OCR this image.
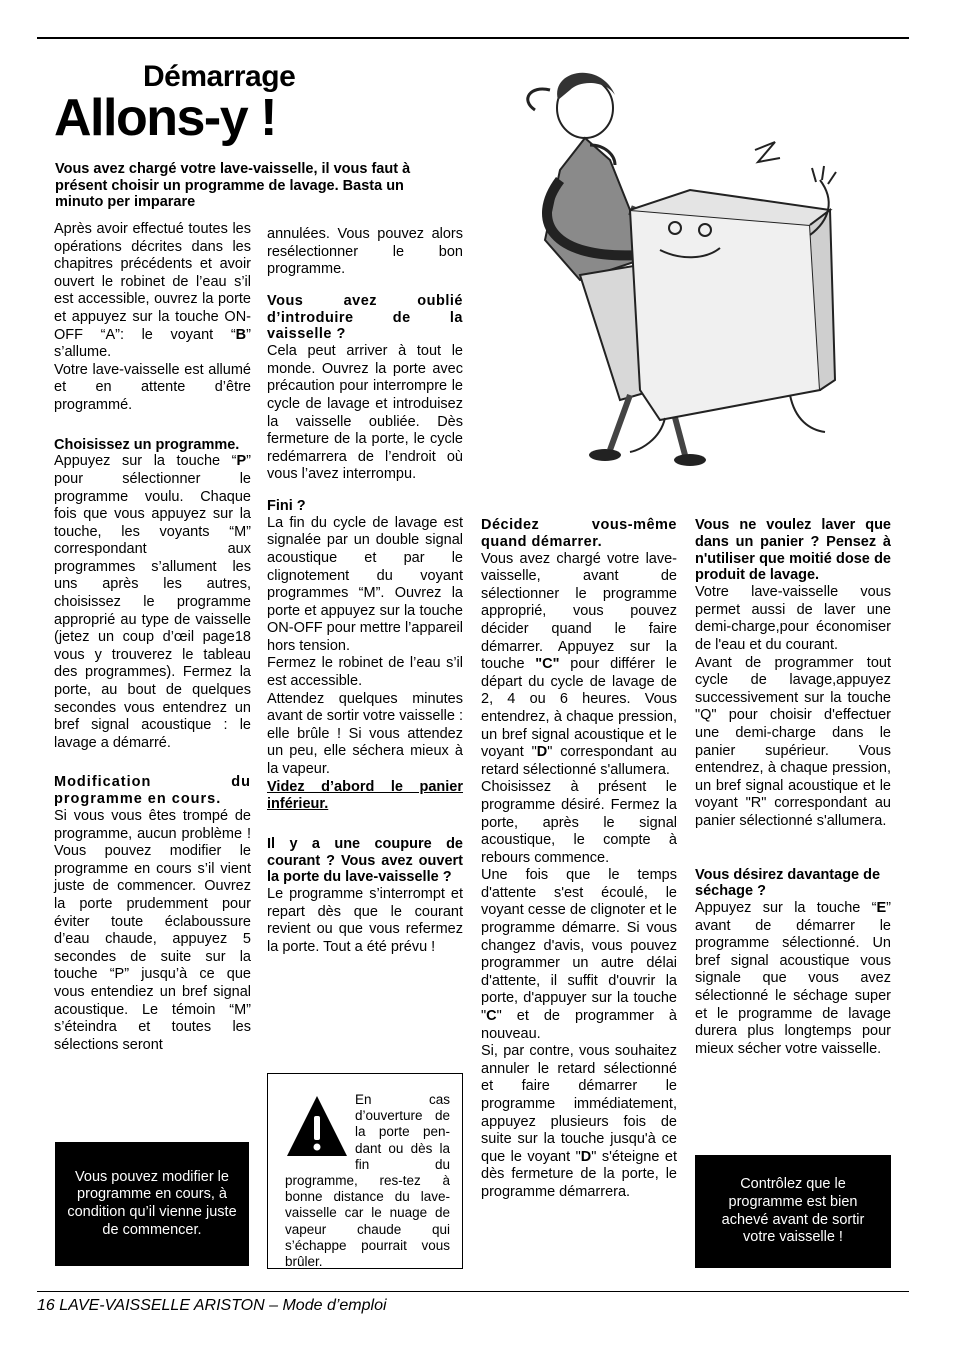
Démarrage
Allons-y !
Vous avez chargé votre lave-vaisselle, il vous faut à présent choisir un programme de lavage. Basta un minuto per imparare

Après avoir effectué toutes les opérations décrites dans les chapitres précédents et avoir ouvert le robinet de l’eau s’il est accessible, ouvrez la porte et appuyez sur la touche ON-OFF “A”: le voyant “B” s’allume.

Votre lave-vaisselle est allumé et en attente d’être programmé.

Choisissez un programme.

Appuyez sur la touche “P” pour sélectionner le programme voulu. Chaque fois que vous appuyez sur la touche, les voyants “M” correspondant aux programmes s’allument les uns après les autres, choisissez le programme approprié au type de vaisselle (jetez un coup d’œil page18 vous y trouverez le tableau des programmes). Fermez la porte, au bout de quelques secondes vous entendrez un bref signal acoustique : le lavage a démarré.

Modification du programme en cours.

Si vous vous êtes trompé de programme, aucun problème ! Vous pouvez modifier le programme en cours s’il vient juste de commencer. Ouvrez la porte prudemment pour éviter toute éclaboussure d’eau chaude, appuyez 5 secondes de suite sur la touche “P” jusqu’à ce que vous entendiez un bref signal acoustique. Le témoin “M” s’éteindra et toutes les sélections seront

Vous pouvez modifier le programme en cours, à condition qu’il vienne juste de commencer.

annulées. Vous pouvez alors resélectionner le bon programme.

Vous avez oublié d’introduire de la vaisselle ?

Cela peut arriver à tout le monde. Ouvrez la porte avec précaution pour interrompre le cycle de lavage et introduisez la vaisselle oubliée. Dès fermeture de la porte, le cycle redémarrera de l’endroit où vous l’avez interrompu.

Fini ?

La fin du cycle de lavage est signalée par un double signal acoustique et par le clignotement du voyant programmes “M”. Ouvrez la porte et appuyez sur la touche ON-OFF pour mettre l’appareil hors tension.

Fermez le robinet de l’eau s’il est accessible.

Attendez quelques minutes avant de sortir votre vaisselle : elle brûle ! Si vous attendez un peu, elle séchera mieux à la vapeur.

Videz d’abord le panier inférieur.

Il y a une coupure de courant ? Vous avez ouvert la porte du lave-vaisselle ?

Le programme s’interrompt et repart dès que le courant revient ou que vous refermez la porte. Tout a été prévu !

En cas d’ouverture de la porte pen-dant ou dès la fin du programme, res-tez à bonne distance du lave-vaisselle car le nuage de vapeur chaude qui s’échappe pourrait vous brûler.

Décidez vous-même quand démarrer.

Vous avez chargé votre lave-vaisselle, avant de sélectionner le programme approprié, vous pouvez décider quand le faire démarrer. Appuyez sur la touche "C" pour différer le départ du cycle de lavage de 2, 4 ou 6 heures. Vous entendrez, à chaque pression, un bref signal acoustique et le voyant "D" correspondant au retard sélectionné s'allumera.

Choisissez à présent le programme désiré. Fermez la porte, après le signal acoustique, le compte à rebours commence.

Une fois que le temps d'attente s'est écoulé, le voyant cesse de clignoter et le programme démarre. Si vous changez d'avis, vous pouvez programmer un autre délai d'attente, il suffit d'ouvrir la porte, d'appuyer sur la touche "C" et de programmer à nouveau.

Si, par contre, vous souhaitez annuler le retard sélectionné et faire démarrer le programme immédiatement, appuyez plusieurs fois de suite sur la touche jusqu'à ce que le voyant "D" s'éteigne et dès fermeture de la porte, le programme démarrera.

Vous ne voulez laver que dans un panier ? Pensez à n'utiliser que moitié dose de produit de lavage.

Votre lave-vaisselle vous permet aussi de laver une demi-charge,pour économiser de l'eau et du courant.

Avant de programmer tout cycle de lavage,appuyez successivement sur la touche "Q" pour choisir d'effectuer une demi-charge dans le panier supérieur. Vous entendrez, à chaque pression, un bref signal acoustique et le voyant "R" correspondant au panier sélectionné s'allumera.

Vous désirez davantage de séchage ?

Appuyez sur la touche “E” avant de démarrer le programme sélectionné. Un bref signal acoustique vous signale que vous avez sélectionné le séchage super et le programme de lavage durera plus longtemps pour mieux sécher votre vaisselle.

Contrôlez que le programme est bien achevé avant de sortir votre vaisselle !
16 LAVE-VAISSELLE ARISTON – Mode d’emploi
